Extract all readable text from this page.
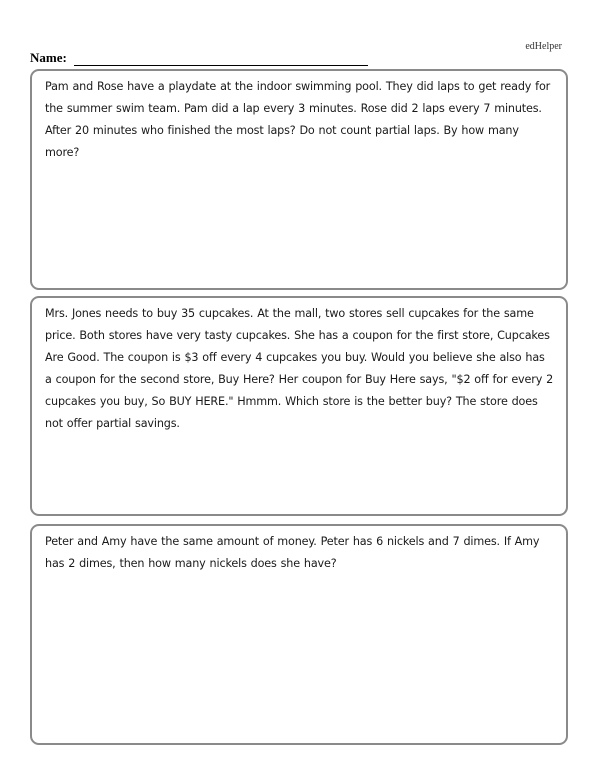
edHelper
Name:

Pam and Rose have a playdate at the indoor swimming pool. They did laps to get ready for the summer swim team. Pam did a lap every 3 minutes. Rose did 2 laps every 7 minutes. After 20 minutes who finished the most laps? Do not count partial laps. By how many more?

Mrs. Jones needs to buy 35 cupcakes. At the mall, two stores sell cupcakes for the same price. Both stores have very tasty cupcakes. She has a coupon for the first store, Cupcakes Are Good. The coupon is $3 off every 4 cupcakes you buy. Would you believe she also has a coupon for the second store, Buy Here? Her coupon for Buy Here says, "$2 off for every 2 cupcakes you buy, So BUY HERE." Hmmm. Which store is the better buy? The store does not offer partial savings.

Peter and Amy have the same amount of money. Peter has 6 nickels and 7 dimes. If Amy has 2 dimes, then how many nickels does she have?
